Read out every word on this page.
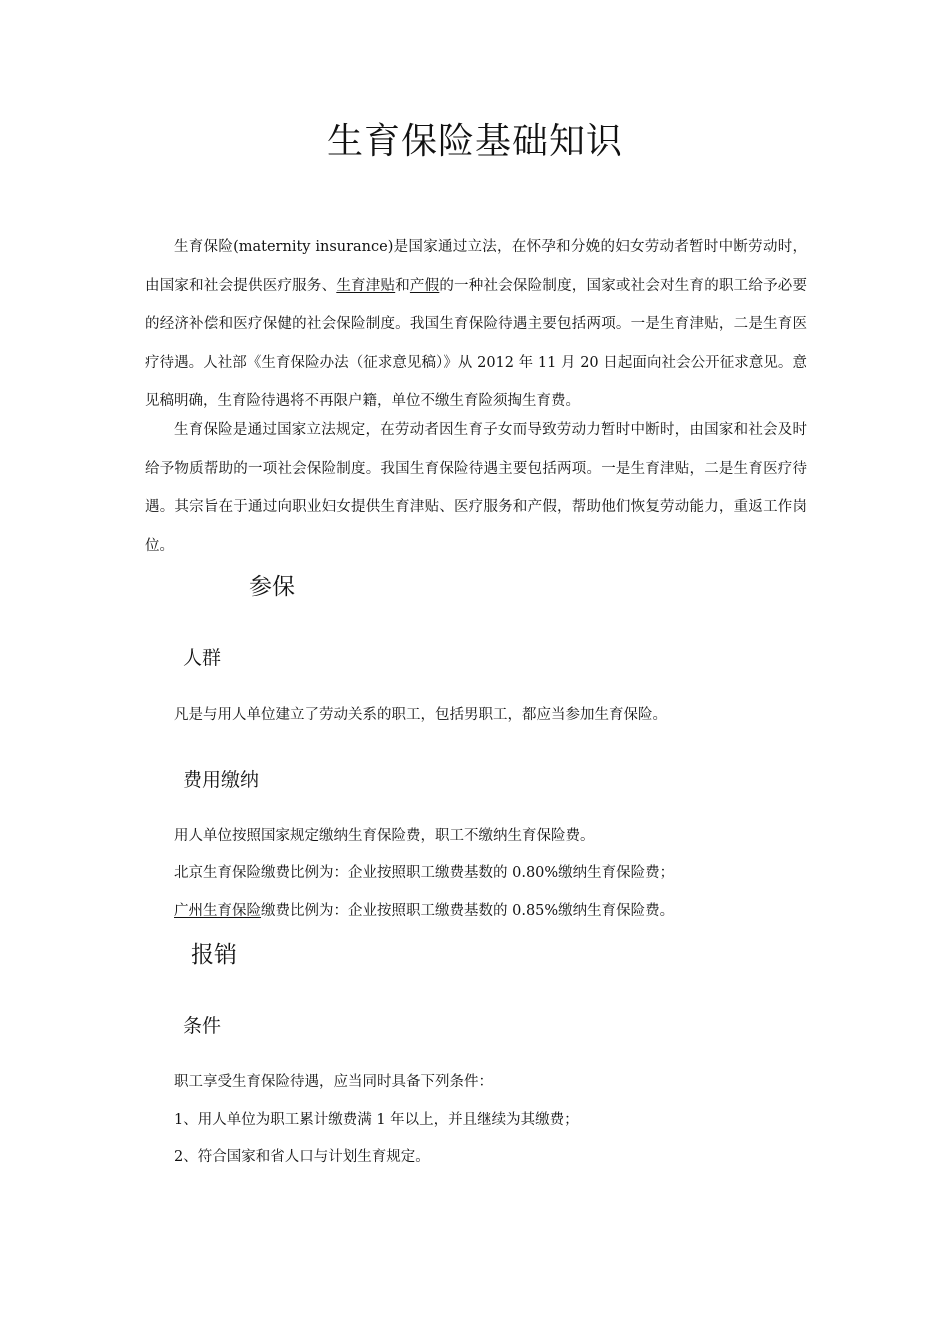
生育保险基础知识

生育保险(maternity insurance)是国家通过立法，在怀孕和分娩的妇女劳动者暂时中断劳动时，由国家和社会提供医疗服务、生育津贴和产假的一种社会保险制度，国家或社会对生育的职工给予必要的经济补偿和医疗保健的社会保险制度。我国生育保险待遇主要包括两项。一是生育津贴，二是生育医疗待遇。人社部《生育保险办法（征求意见稿）》从 2012 年 11 月 20 日起面向社会公开征求意见。意见稿明确，生育险待遇将不再限户籍，单位不缴生育险须掏生育费。

生育保险是通过国家立法规定，在劳动者因生育子女而导致劳动力暂时中断时，由国家和社会及时给予物质帮助的一项社会保险制度。我国生育保险待遇主要包括两项。一是生育津贴，二是生育医疗待遇。其宗旨在于通过向职业妇女提供生育津贴、医疗服务和产假，帮助他们恢复劳动能力，重返工作岗位。

参保
人群

凡是与用人单位建立了劳动关系的职工，包括男职工，都应当参加生育保险。

费用缴纳

用人单位按照国家规定缴纳生育保险费，职工不缴纳生育保险费。

北京生育保险缴费比例为：企业按照职工缴费基数的 0.80%缴纳生育保险费；

广州生育保险缴费比例为：企业按照职工缴费基数的 0.85%缴纳生育保险费。

报销
条件

职工享受生育保险待遇，应当同时具备下列条件：

1、用人单位为职工累计缴费满 1 年以上，并且继续为其缴费；

2、符合国家和省人口与计划生育规定。
